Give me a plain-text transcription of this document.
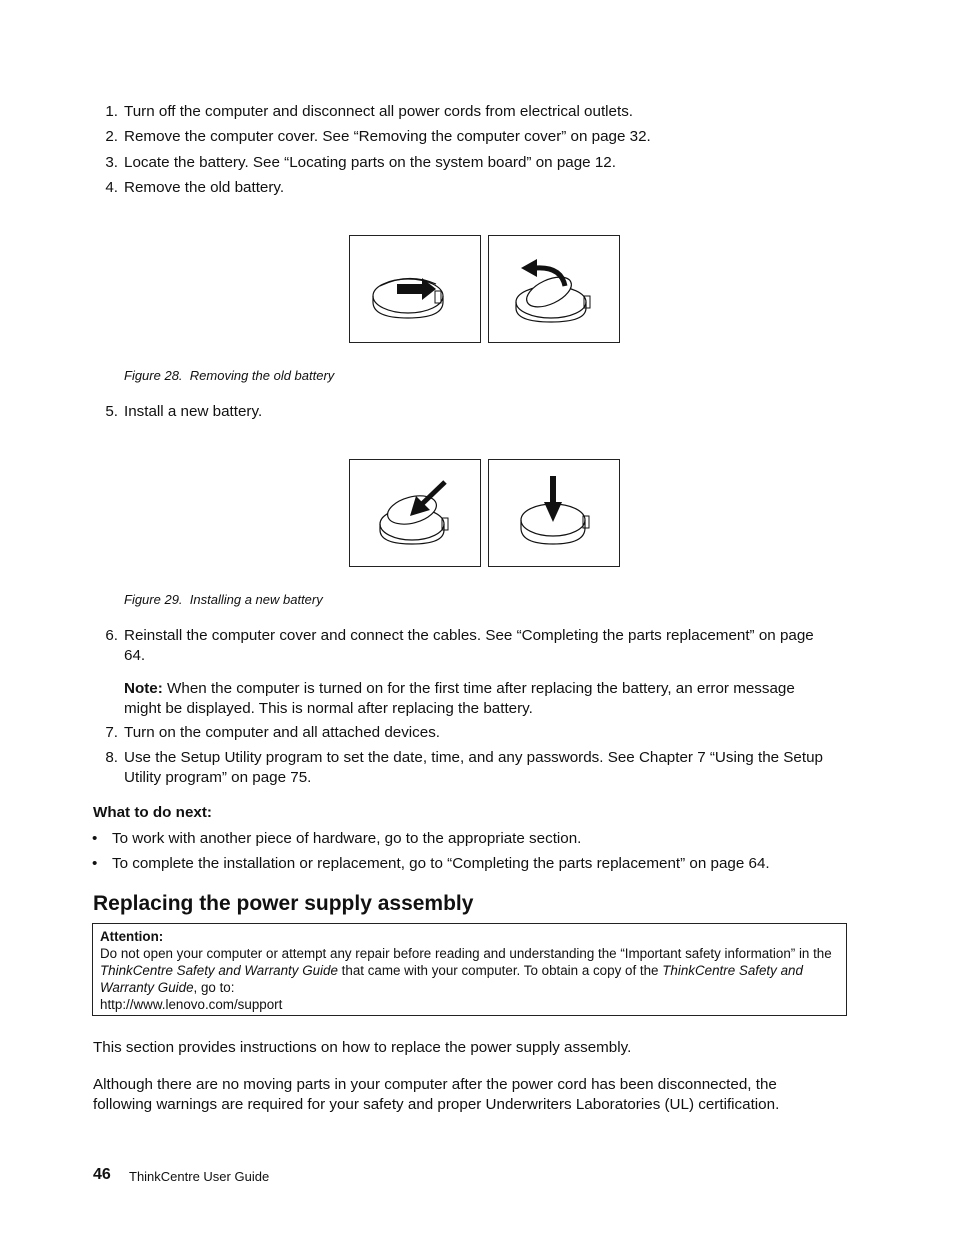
1. Turn off the computer and disconnect all power cords from electrical outlets.
2. Remove the computer cover. See “Removing the computer cover” on page 32.
3. Locate the battery. See “Locating parts on the system board” on page 12.
4. Remove the old battery.
Figure 28. Removing the old battery
5. Install a new battery.
Figure 29. Installing a new battery
6. Reinstall the computer cover and connect the cables. See “Completing the parts replacement” on page 64.
Note: When the computer is turned on for the first time after replacing the battery, an error message might be displayed. This is normal after replacing the battery.
7. Turn on the computer and all attached devices.
8. Use the Setup Utility program to set the date, time, and any passwords. See Chapter 7 “Using the Setup Utility program” on page 75.
What to do next:
• To work with another piece of hardware, go to the appropriate section.
• To complete the installation or replacement, go to “Completing the parts replacement” on page 64.
Replacing the power supply assembly
Attention:
Do not open your computer or attempt any repair before reading and understanding the “Important safety information” in the ThinkCentre Safety and Warranty Guide that came with your computer. To obtain a copy of the ThinkCentre Safety and Warranty Guide, go to:
http://www.lenovo.com/support
This section provides instructions on how to replace the power supply assembly.
Although there are no moving parts in your computer after the power cord has been disconnected, the following warnings are required for your safety and proper Underwriters Laboratories (UL) certification.
46 ThinkCentre User Guide
